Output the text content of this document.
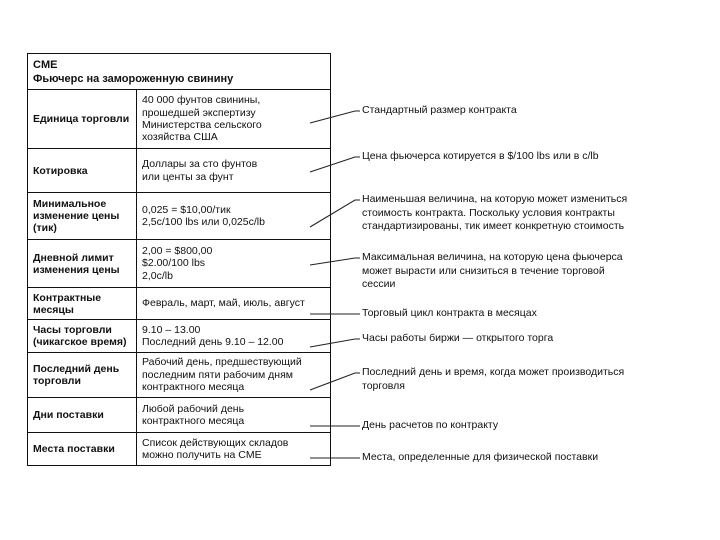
CME
Фьючерс на замороженную свинину
Единица торговли
40 000 фунтов свинины,
прошедшей экспертизу
Министерства сельского
хозяйства США
Котировка
Доллары за сто фунтов
или центы за фунт
Минимальное изменение цены (тик)
0,025 = $10,00/тик
2,5c/100 lbs или 0,025c/lb
Дневной лимит изменения цены
2,00 = $800,00
$2.00/100 lbs
2,0c/lb
Контрактные месяцы
Февраль, март, май, июль, август
Часы торговли (чикагское время)
9.10 – 13.00
Последний день 9.10 – 12.00
Последний день торговли
Рабочий день, предшествующий
последним пяти рабочим дням
контрактного месяца
Дни поставки
Любой рабочий день
контрактного месяца
Места поставки
Список действующих складов
можно получить на CME
Стандартный размер контракта
Цена фьючерса котируется в $/100 lbs или в c/lb
Наименьшая величина, на которую может измениться
стоимость контракта. Поскольку условия контракты
стандартизированы, тик имеет конкретную стоимость
Максимальная величина, на которую цена фьючерса
может вырасти или снизиться в течение торговой
сессии
Торговый цикл контракта в месяцах
Часы работы биржи — открытого торга
Последний день и время, когда может производиться
торговля
День расчетов по контракту
Места, определенные для физической поставки
